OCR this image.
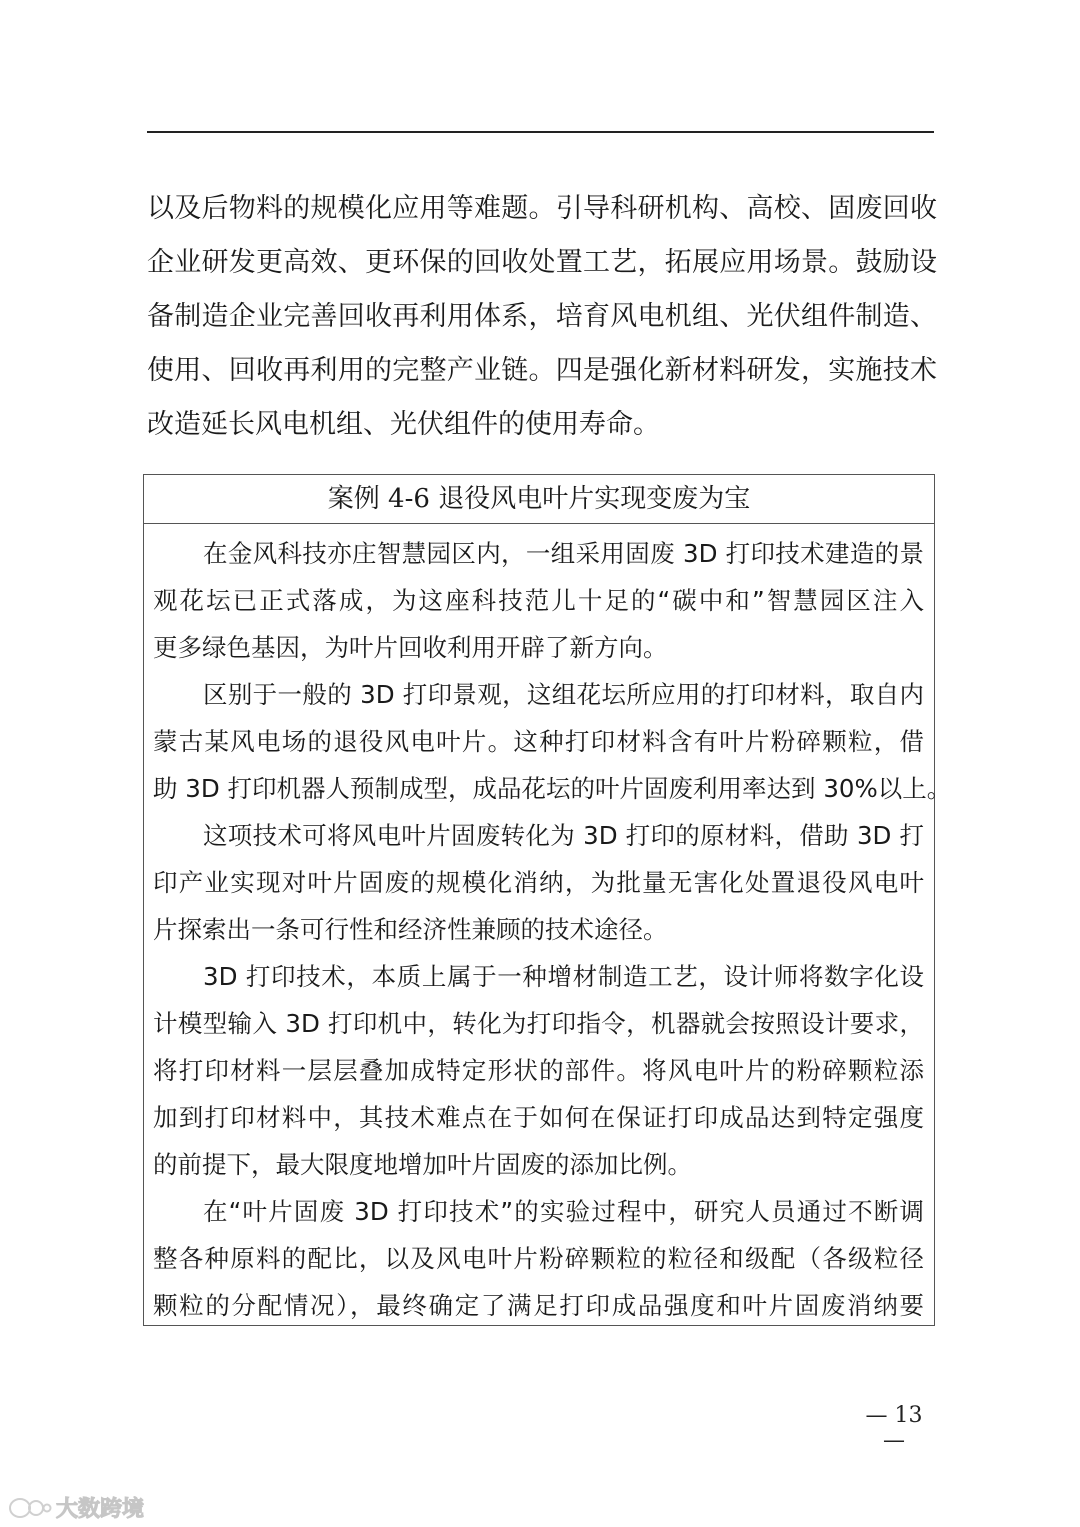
以及后物料的规模化应用等难题。引导科研机构、高校、固废回收
企业研发更高效、更环保的回收处置工艺，拓展应用场景。鼓励设
备制造企业完善回收再利用体系，培育风电机组、光伏组件制造、
使用、回收再利用的完整产业链。四是强化新材料研发，实施技术
改造延长风电机组、光伏组件的使用寿命。
案例 4-6 退役风电叶片实现变废为宝
在金风科技亦庄智慧园区内，一组采用固废 3D 打印技术建造的景
观花坛已正式落成，为这座科技范儿十足的“碳中和”智慧园区注入
更多绿色基因，为叶片回收利用开辟了新方向。
区别于一般的 3D 打印景观，这组花坛所应用的打印材料，取自内
蒙古某风电场的退役风电叶片。这种打印材料含有叶片粉碎颗粒，借
助 3D 打印机器人预制成型，成品花坛的叶片固废利用率达到 30%以上。
这项技术可将风电叶片固废转化为 3D 打印的原材料，借助 3D 打
印产业实现对叶片固废的规模化消纳，为批量无害化处置退役风电叶
片探索出一条可行性和经济性兼顾的技术途径。
3D 打印技术，本质上属于一种增材制造工艺，设计师将数字化设
计模型输入 3D 打印机中，转化为打印指令，机器就会按照设计要求，
将打印材料一层层叠加成特定形状的部件。将风电叶片的粉碎颗粒添
加到打印材料中，其技术难点在于如何在保证打印成品达到特定强度
的前提下，最大限度地增加叶片固废的添加比例。
在“叶片固废 3D 打印技术”的实验过程中，研究人员通过不断调
整各种原料的配比，以及风电叶片粉碎颗粒的粒径和级配（各级粒径
颗粒的分配情况），最终确定了满足打印成品强度和叶片固废消纳要
— 13 —
大数跨境
